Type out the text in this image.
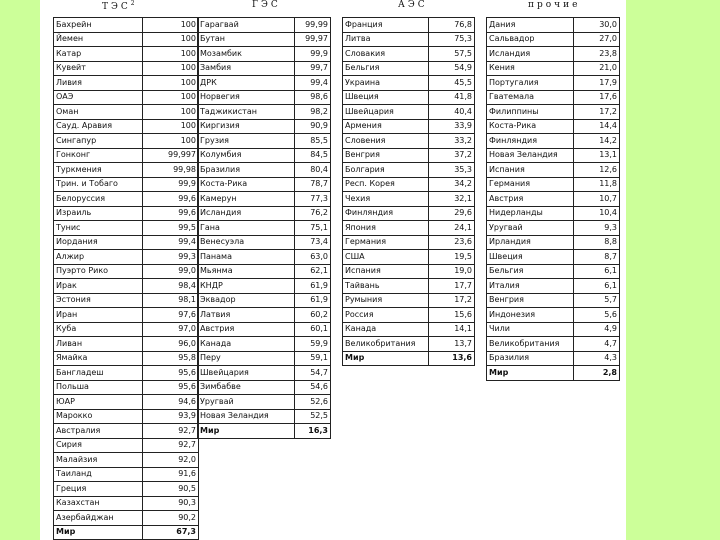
ТЭС$^2$	ГЭС	АЭС	прочие
Бахрейн	100
Йемен	100
Катар	100
Кувейт	100
Ливия	100
ОАЭ	100
Оман	100
Сауд. Аравия	100
Сингапур	100
Гонконг	99,997
Туркмения	99,98
Трин. и Тобаго	99,9
Белоруссия	99,6
Израиль	99,6
Тунис	99,5
Иордания	99,4
Алжир	99,3
Пуэрто Рико	99,0
Ирак	98,4
Эстония	98,1
Иран	97,6
Куба	97,0
Ливан	96,0
Ямайка	95,8
Бангладеш	95,6
Польша	95,6
ЮАР	94,6
Марокко	93,9
Австралия	92,7
Сирия	92,7
Малайзия	92,0
Таиланд	91,6
Греция	90,5
Казахстан	90,3
Азербайджан	90,2
Мир	67,3
Гарагвай	99,99
Бутан	99,97
Мозамбик	99,9
Замбия	99,7
ДРК	99,4
Норвегия	98,6
Таджикистан	98,2
Киргизия	90,9
Грузия	85,5
Колумбия	84,5
Бразилия	80,4
Коста-Рика	78,7
Камерун	77,3
Исландия	76,2
Гана	75,1
Венесуэла	73,4
Панама	63,0
Мьянма	62,1
КНДР	61,9
Эквадор	61,9
Латвия	60,2
Австрия	60,1
Канада	59,9
Перу	59,1
Швейцария	54,7
Зимбабве	54,6
Уругвай	52,6
Новая Зеландия	52,5
Мир	16,3
Франция	76,8
Литва	75,3
Словакия	57,5
Бельгия	54,9
Украина	45,5
Швеция	41,8
Швейцария	40,4
Армения	33,9
Словения	33,2
Венгрия	37,2
Болгария	35,3
Респ. Корея	34,2
Чехия	32,1
Финляндия	29,6
Япония	24,1
Германия	23,6
США	19,5
Испания	19,0
Тайвань	17,7
Румыния	17,2
Россия	15,6
Канада	14,1
Великобритания	13,7
Мир	13,6
Дания	30,0
Сальвадор	27,0
Исландия	23,8
Кения	21,0
Португалия	17,9
Гватемала	17,6
Филиппины	17,2
Коста-Рика	14,4
Финляндия	14,2
Новая Зеландия	13,1
Испания	12,6
Германия	11,8
Австрия	10,7
Нидерланды	10,4
Уругвай	9,3
Ирландия	8,8
Швеция	8,7
Бельгия	6,1
Италия	6,1
Венгрия	5,7
Индонезия	5,6
Чили	4,9
Великобритания	4,7
Бразилия	4,3
Мир	2,8
